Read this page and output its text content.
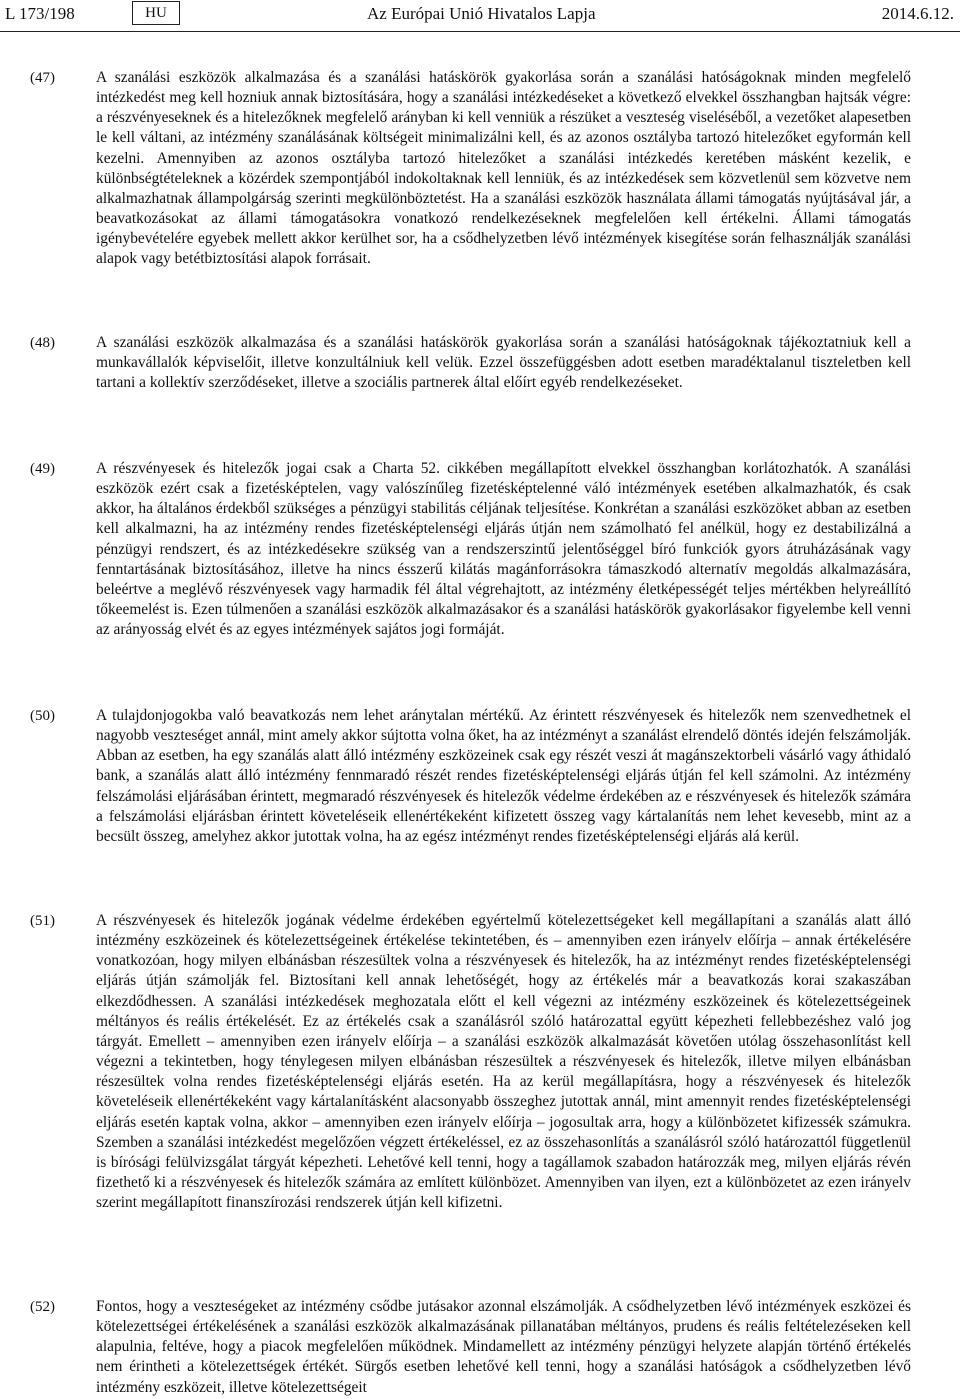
L 173/198	HU	Az Európai Unió Hivatalos Lapja	2014.6.12.
(47)	A szanálási eszközök alkalmazása és a szanálási hatáskörök gyakorlása során a szanálási hatóságoknak minden megfelelő intézkedést meg kell hozniuk annak biztosítására, hogy a szanálási intézkedéseket a következő elvekkel összhangban hajtsák végre: a részvényeseknek és a hitelezőknek megfelelő arányban ki kell venniük a részüket a veszteség viseléséből, a vezetőket alapesetben le kell váltani, az intézmény szanálásának költségeit minimalizálni kell, és az azonos osztályba tartozó hitelezőket egyformán kell kezelni. Amennyiben az azonos osztályba tartozó hitelezőket a szanálási intézkedés keretében másként kezelik, e különbségtételeknek a közérdek szempontjából indokoltaknak kell lenniük, és az intézkedések sem közvetlenül sem közvetve nem alkalmazhatnak állampolgárság szerinti megkülönböztetést. Ha a szanálási eszközök használata állami támogatás nyújtásával jár, a beavatkozásokat az állami támogatásokra vonatkozó rendelkezéseknek megfelelően kell értékelni. Állami támogatás igénybevételére egyebek mellett akkor kerülhet sor, ha a csődhelyzetben lévő intézmények kisegítése során felhasználják szanálási alapok vagy betétbiztosítási alapok forrásait.
(48)	A szanálási eszközök alkalmazása és a szanálási hatáskörök gyakorlása során a szanálási hatóságoknak tájékoztatniuk kell a munkavállalók képviselőit, illetve konzultálniuk kell velük. Ezzel összefüggésben adott esetben maradéktalanul tiszteletben kell tartani a kollektív szerződéseket, illetve a szociális partnerek által előírt egyéb rendelkezéseket.
(49)	A részvényesek és hitelezők jogai csak a Charta 52. cikkében megállapított elvekkel összhangban korlátozhatók. A szanálási eszközök ezért csak a fizetésképtelen, vagy valószínűleg fizetésképtelenné váló intézmények esetében alkalmazhatók, és csak akkor, ha általános érdekből szükséges a pénzügyi stabilitás céljának teljesítése. Konkrétan a szanálási eszközöket abban az esetben kell alkalmazni, ha az intézmény rendes fizetésképtelenségi eljárás útján nem számolható fel anélkül, hogy ez destabilizálná a pénzügyi rendszert, és az intézkedésekre szükség van a rendszerszintű jelentőséggel bíró funkciók gyors átruházásának vagy fenntartásának biztosításához, illetve ha nincs ésszerű kilátás magánforrásokra támaszkodó alternatív megoldás alkalmazására, beleértve a meglévő részvényesek vagy harmadik fél által végrehajtott, az intézmény életképességét teljes mértékben helyreállító tőkeemelést is. Ezen túlmenően a szanálási eszközök alkalmazásakor és a szanálási hatáskörök gyakorlásakor figyelembe kell venni az arányosság elvét és az egyes intézmények sajátos jogi formáját.
(50)	A tulajdonjogokba való beavatkozás nem lehet aránytalan mértékű. Az érintett részvényesek és hitelezők nem szenvedhetnek el nagyobb veszteséget annál, mint amely akkor sújtotta volna őket, ha az intézményt a szanálást elrendelő döntés idején felszámolják. Abban az esetben, ha egy szanálás alatt álló intézmény eszközeinek csak egy részét veszi át magánszektorbeli vásárló vagy áthidaló bank, a szanálás alatt álló intézmény fennmaradó részét rendes fizetésképtelenségi eljárás útján fel kell számolni. Az intézmény felszámolási eljárásában érintett, megmaradó részvényesek és hitelezők védelme érdekében az e részvényesek és hitelezők számára a felszámolási eljárásban érintett követeléseik ellenértékeként kifizetett összeg vagy kártalanítás nem lehet kevesebb, mint az a becsült összeg, amelyhez akkor jutottak volna, ha az egész intézményt rendes fizetésképtelenségi eljárás alá kerül.
(51)	A részvényesek és hitelezők jogának védelme érdekében egyértelmű kötelezettségeket kell megállapítani a szanálás alatt álló intézmény eszközeinek és kötelezettségeinek értékelése tekintetében, és – amennyiben ezen irányelv előírja – annak értékelésére vonatkozóan, hogy milyen elbánásban részesültek volna a részvényesek és hitelezők, ha az intézményt rendes fizetésképtelenségi eljárás útján számolják fel. Biztosítani kell annak lehetőségét, hogy az értékelés már a beavatkozás korai szakaszában elkezdődhessen. A szanálási intézkedések meghozatala előtt el kell végezni az intézmény eszközeinek és kötelezettségeinek méltányos és reális értékelését. Ez az értékelés csak a szanálásról szóló határozattal együtt képezheti fellebbezéshez való jog tárgyát. Emellett – amennyiben ezen irányelv előírja – a szanálási eszközök alkalmazását követően utólag összehasonlítást kell végezni a tekintetben, hogy ténylegesen milyen elbánásban részesültek a részvényesek és hitelezők, illetve milyen elbánásban részesültek volna rendes fizetésképtelenségi eljárás esetén. Ha az kerül megállapításra, hogy a részvényesek és hitelezők követeléseik ellenértékeként vagy kártalanításként alacsonyabb összeghez jutottak annál, mint amennyit rendes fizetésképtelenségi eljárás esetén kaptak volna, akkor – amennyiben ezen irányelv előírja – jogosultak arra, hogy a különbözetet kifizessék számukra. Szemben a szanálási intézkedést megelőzően végzett értékeléssel, ez az összehasonlítás a szanálásról szóló határozattól függetlenül is bírósági felülvizsgálat tárgyát képezheti. Lehetővé kell tenni, hogy a tagállamok szabadon határozzák meg, milyen eljárás révén fizethető ki a részvényesek és hitelezők számára az említett különbözet. Amennyiben van ilyen, ezt a különbözetet az ezen irányelv szerint megállapított finanszírozási rendszerek útján kell kifizetni.
(52)	Fontos, hogy a veszteségeket az intézmény csődbe jutásakor azonnal elszámolják. A csődhelyzetben lévő intézmények eszközei és kötelezettségei értékelésének a szanálási eszközök alkalmazásának pillanatában méltányos, prudens és reális feltételezéseken kell alapulnia, feltéve, hogy a piacok megfelelően működnek. Mindamellett az intézmény pénzügyi helyzete alapján történő értékelés nem érintheti a kötelezettségek értékét. Sürgős esetben lehetővé kell tenni, hogy a szanálási hatóságok a csődhelyzetben lévő intézmény eszközeit, illetve kötelezettségeit
